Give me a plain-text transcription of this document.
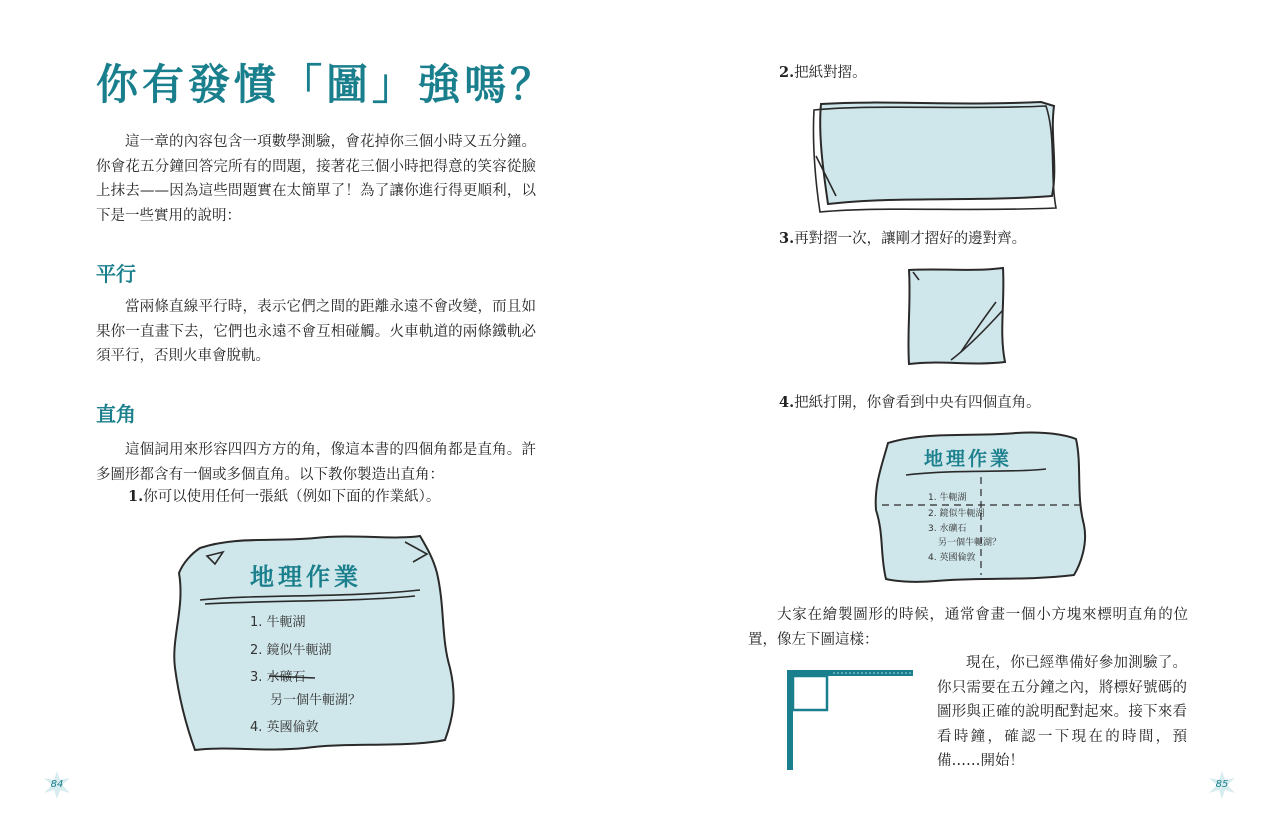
你有發憤「圖」強嗎？

這一章的內容包含一項數學測驗，會花掉你三個小時又五分鐘。你會花五分鐘回答完所有的問題，接著花三個小時把得意的笑容從臉上抹去——因為這些問題實在太簡單了！為了讓你進行得更順利，以下是一些實用的說明：

平行

當兩條直線平行時，表示它們之間的距離永遠不會改變，而且如果你一直畫下去，它們也永遠不會互相碰觸。火車軌道的兩條鐵軌必須平行，否則火車會脫軌。

直角

這個詞用來形容四四方方的角，像這本書的四個角都是直角。許多圖形都含有一個或多個直角。以下教你製造出直角：

1.你可以使用任何一張紙（例如下面的作業紙）。

地理作業
1. 牛軛湖
2. 鏡似牛軛湖
3. 水礦石
另一個牛軛湖？
4. 英國倫敦
84

2.把紙對摺。

3.再對摺一次，讓剛才摺好的邊對齊。

4.把紙打開，你會看到中央有四個直角。

地理作業
1. 牛軛湖
2. 鏡似牛軛湖
3. 水礦石
另一個牛軛湖？
4. 英國倫敦

大家在繪製圖形的時候，通常會畫一個小方塊來標明直角的位置，像左下圖這樣：

現在，你已經準備好參加測驗了。你只需要在五分鐘之內，將標好號碼的圖形與正確的說明配對起來。接下來看看時鐘，確認一下現在的時間，預備……開始！

85
